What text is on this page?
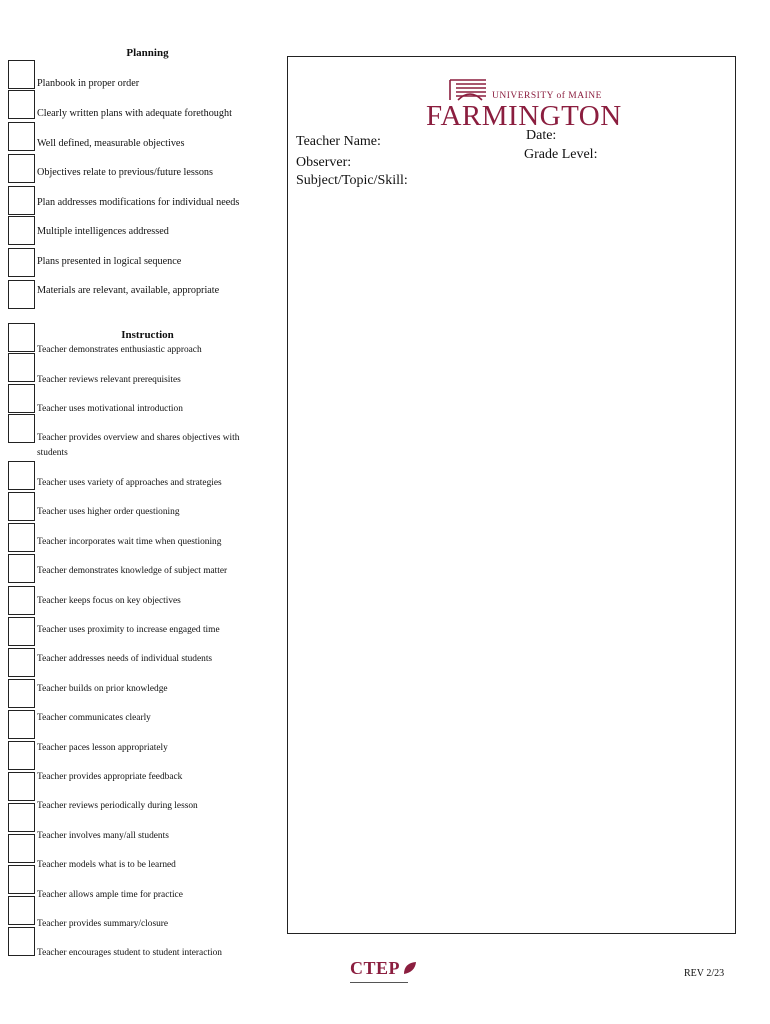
Planning
Planbook in proper order
Clearly written plans with adequate forethought
Well defined, measurable objectives
Objectives relate to previous/future lessons
Plan addresses modifications for individual needs
Multiple intelligences addressed
Plans presented in logical sequence
Materials are relevant, available, appropriate
Instruction
Teacher demonstrates enthusiastic approach
Teacher reviews relevant prerequisites
Teacher uses motivational introduction
Teacher provides overview and shares objectives with students
Teacher uses variety of approaches and strategies
Teacher uses higher order questioning
Teacher incorporates wait time when questioning
Teacher demonstrates knowledge of subject matter
Teacher keeps focus on key objectives
Teacher uses proximity to increase engaged time
Teacher addresses needs of individual students
Teacher builds on prior knowledge
Teacher communicates clearly
Teacher paces lesson appropriately
Teacher provides appropriate feedback
Teacher reviews periodically during lesson
Teacher involves many/all students
Teacher models what is to be learned
Teacher allows ample time for practice
Teacher provides summary/closure
Teacher encourages student to student interaction
Teacher Name:
Observer:
Subject/Topic/Skill:
Date:
Grade Level:
UNIVERSITY of MAINE
FARMINGTON
CTEP	REV 2/23
